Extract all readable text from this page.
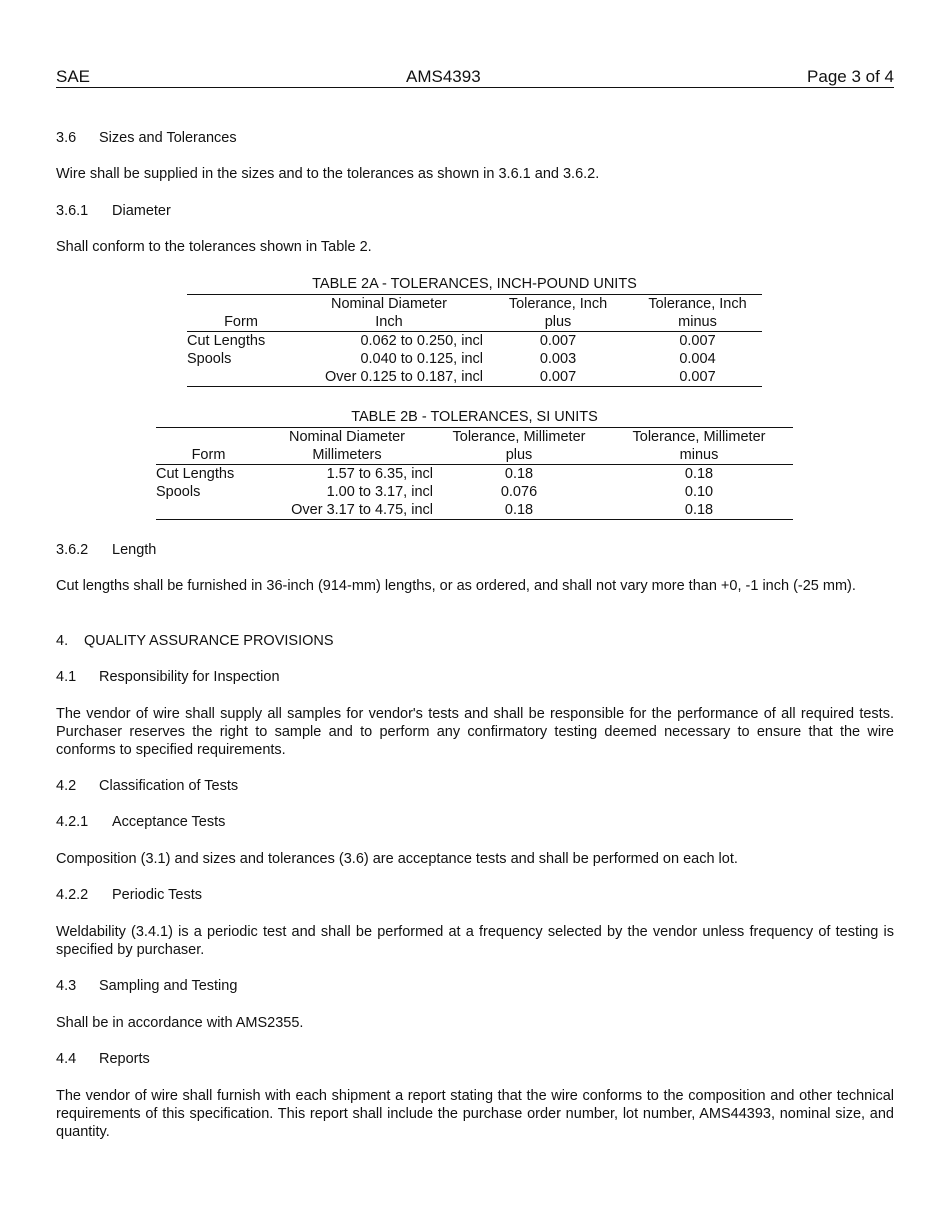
SAE	AMS4393	Page 3 of 4
3.6 Sizes and Tolerances
Wire shall be supplied in the sizes and to the tolerances as shown in 3.6.1 and 3.6.2.
3.6.1 Diameter
Shall conform to the tolerances shown in Table 2.
TABLE 2A - TOLERANCES, INCH-POUND UNITS
	Nominal Diameter	Tolerance, Inch	Tolerance, Inch
Form	Inch	plus	minus
Cut Lengths	0.062 to 0.250, incl	0.007	0.007
Spools	0.040 to 0.125, incl	0.003	0.004
	Over 0.125 to 0.187, incl	0.007	0.007
TABLE 2B - TOLERANCES, SI UNITS
	Nominal Diameter	Tolerance, Millimeter	Tolerance, Millimeter
Form	Millimeters	plus	minus
Cut Lengths	1.57 to 6.35, incl	0.18	0.18
Spools	1.00 to 3.17, incl	0.076	0.10
	Over 3.17 to 4.75, incl	0.18	0.18
3.6.2 Length
Cut lengths shall be furnished in 36-inch (914-mm) lengths, or as ordered, and shall not vary more than +0, -1 inch (-25 mm).
4. QUALITY ASSURANCE PROVISIONS
4.1 Responsibility for Inspection
The vendor of wire shall supply all samples for vendor's tests and shall be responsible for the performance of all required tests. Purchaser reserves the right to sample and to perform any confirmatory testing deemed necessary to ensure that the wire conforms to specified requirements.
4.2 Classification of Tests
4.2.1 Acceptance Tests
Composition (3.1) and sizes and tolerances (3.6) are acceptance tests and shall be performed on each lot.
4.2.2 Periodic Tests
Weldability (3.4.1) is a periodic test and shall be performed at a frequency selected by the vendor unless frequency of testing is specified by purchaser.
4.3 Sampling and Testing
Shall be in accordance with AMS2355.
4.4 Reports
The vendor of wire shall furnish with each shipment a report stating that the wire conforms to the composition and other technical requirements of this specification. This report shall include the purchase order number, lot number, AMS44393, nominal size, and quantity.
